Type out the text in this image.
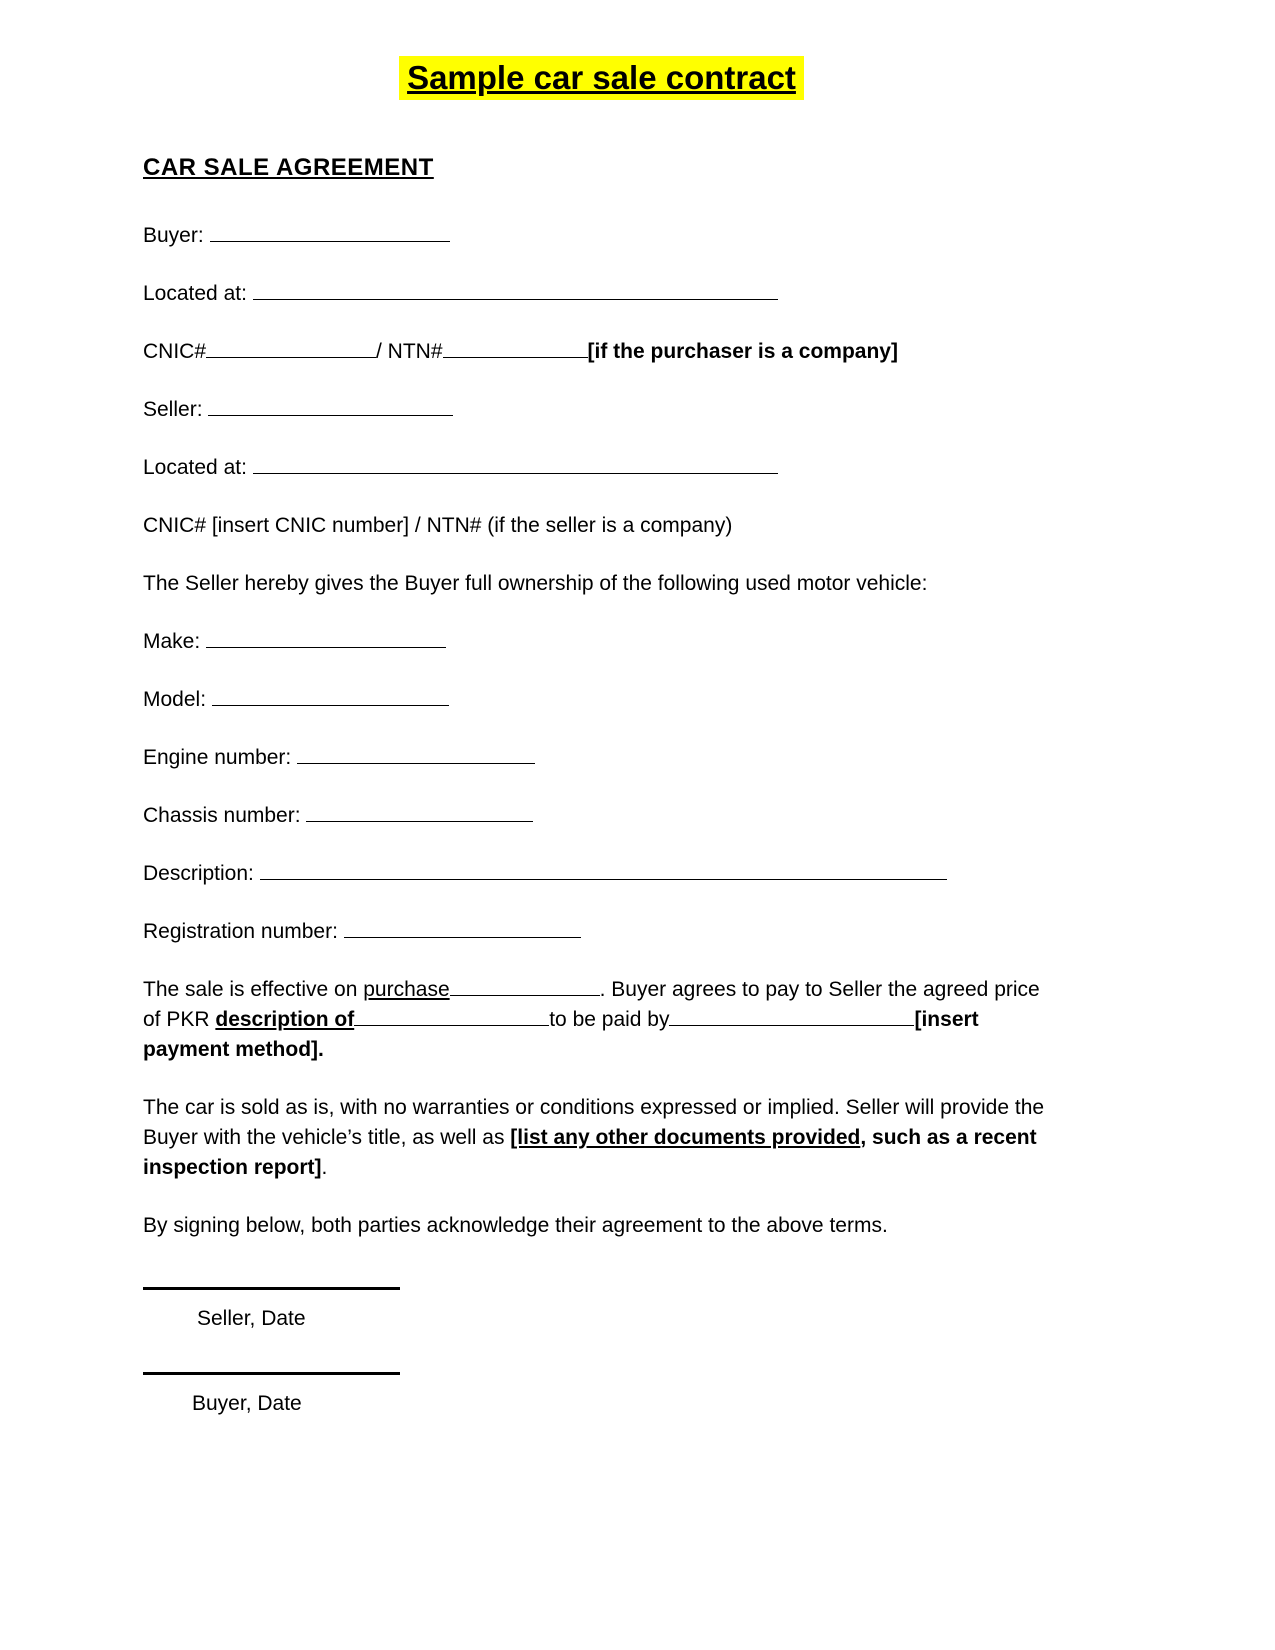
Sample car sale contract

CAR SALE AGREEMENT

Buyer:

Located at:

CNIC#	/ NTN#	[if the purchaser is a company]

Seller:

Located at:

CNIC# [insert CNIC number] / NTN# (if the seller is a company)

The Seller hereby gives the Buyer full ownership of the following used motor vehicle:

Make:

Model:

Engine number:

Chassis number:

Description:

Registration number:

The sale is effective on purchase	. Buyer agrees to pay to Seller the agreed price of PKR description of	to be paid by	[insert payment method].

The car is sold as is, with no warranties or conditions expressed or implied. Seller will provide the Buyer with the vehicle’s title, as well as [list any other documents provided, such as a recent inspection report].

By signing below, both parties acknowledge their agreement to the above terms.

Seller, Date

Buyer, Date
